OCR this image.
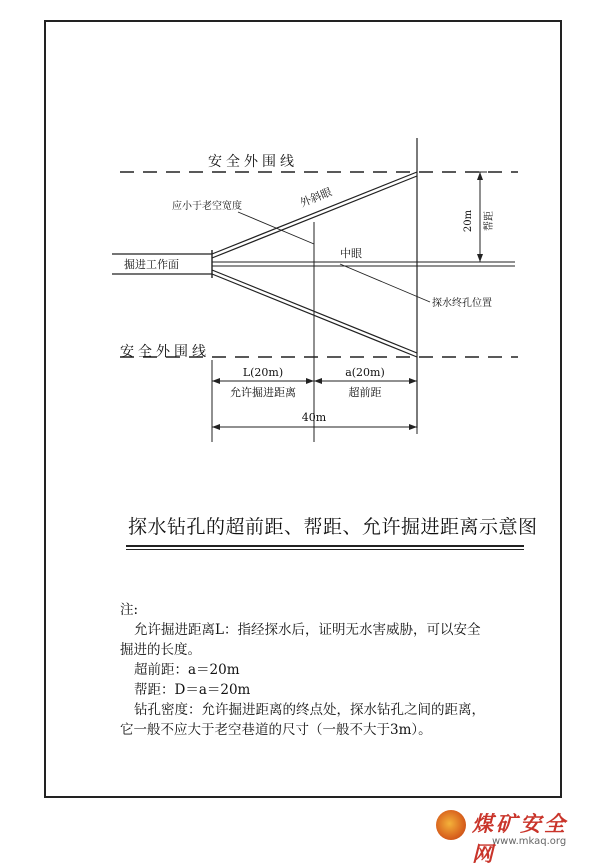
安全外围线
安全外围线
应小于老空宽度	外斜眼
中眼
探水终孔位置
掘进工作面
20m 帮距
L(20m)
允许掘进距离
a(20m)
超前距
40m
探水钻孔的超前距、帮距、允许掘进距离示意图
注:
允许掘进距离L：指经探水后，证明无水害威胁，可以安全
掘进的长度。
超前距：a＝20m
帮距：D＝a＝20m
钻孔密度：允许掘进距离的终点处，探水钻孔之间的距离，
它一般不应大于老空巷道的尺寸（一般不大于3m）。
煤矿安全网
www.mkaq.org
